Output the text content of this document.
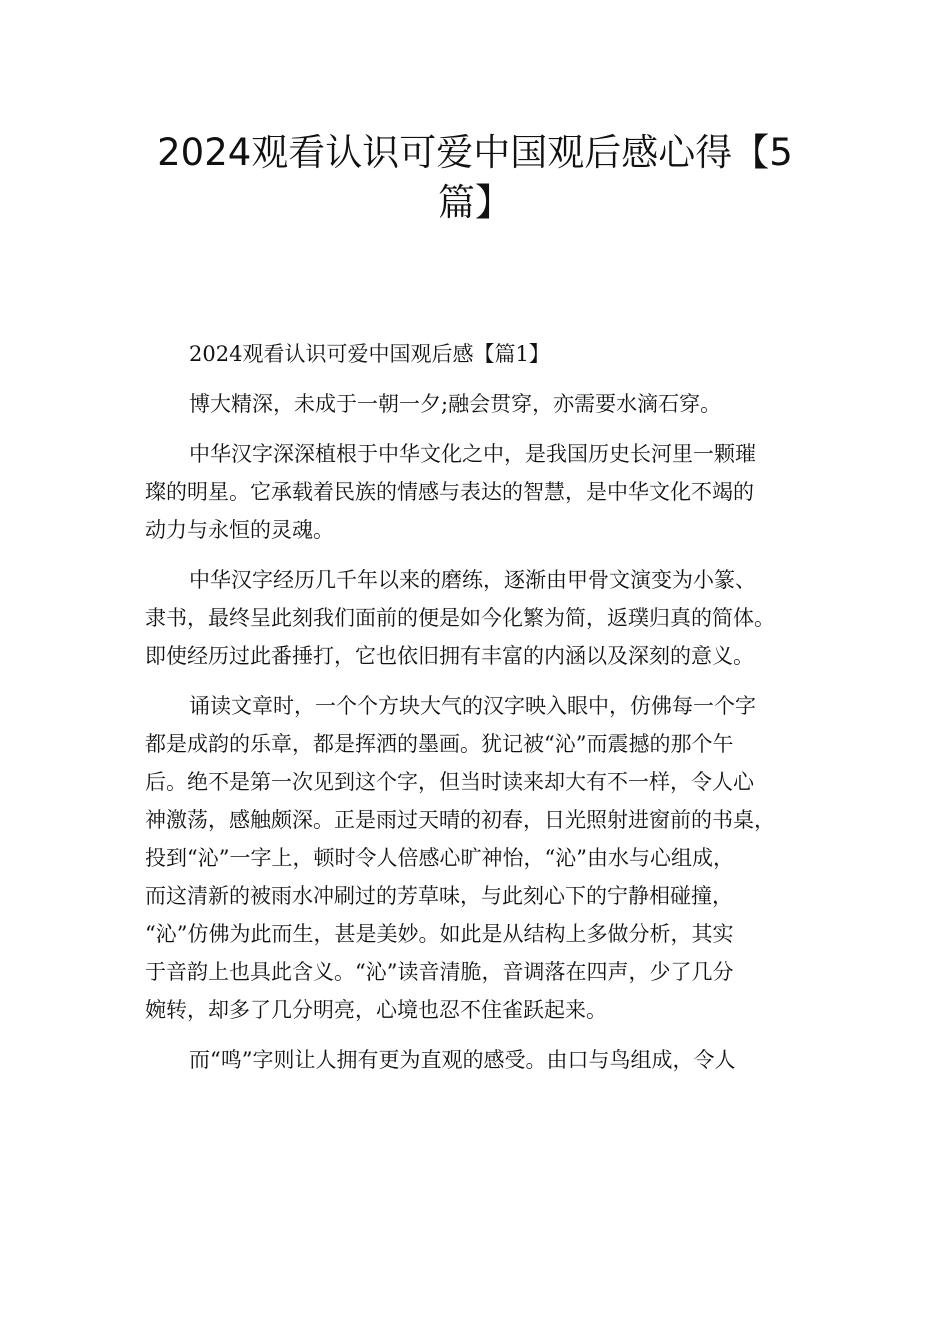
2024观看认识可爱中国观后感心得【5
篇】
2024观看认识可爱中国观后感【篇1】
博大精深，未成于一朝一夕;融会贯穿，亦需要水滴石穿。
中华汉字深深植根于中华文化之中，是我国历史长河里一颗璀
璨的明星。它承载着民族的情感与表达的智慧，是中华文化不竭的
动力与永恒的灵魂。
中华汉字经历几千年以来的磨练，逐渐由甲骨文演变为小篆、
隶书，最终呈此刻我们面前的便是如今化繁为简，返璞归真的简体。
即使经历过此番捶打，它也依旧拥有丰富的内涵以及深刻的意义。
诵读文章时，一个个方块大气的汉字映入眼中，仿佛每一个字
都是成韵的乐章，都是挥洒的墨画。犹记被“沁”而震撼的那个午
后。绝不是第一次见到这个字，但当时读来却大有不一样，令人心
神激荡，感触颇深。正是雨过天晴的初春，日光照射进窗前的书桌，
投到“沁”一字上，顿时令人倍感心旷神怡，“沁”由水与心组成，
而这清新的被雨水冲刷过的芳草味，与此刻心下的宁静相碰撞，
“沁”仿佛为此而生，甚是美妙。如此是从结构上多做分析，其实
于音韵上也具此含义。“沁”读音清脆，音调落在四声，少了几分
婉转，却多了几分明亮，心境也忍不住雀跃起来。
而“鸣”字则让人拥有更为直观的感受。由口与鸟组成，令人
